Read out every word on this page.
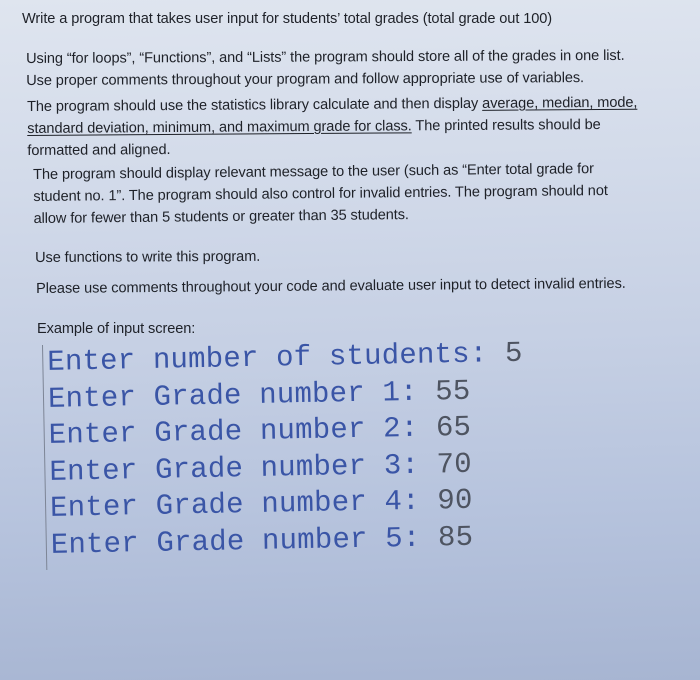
Write a program that takes user input for students’ total grades (total grade out 100)
Using “for loops”, “Functions”, and “Lists” the program should store all of the grades in one list.
Use proper comments throughout your program and follow appropriate use of variables.
The program should use the statistics library calculate and then display average, median, mode,
standard deviation, minimum, and maximum grade for class. The printed results should be
formatted and aligned.
The program should display relevant message to the user (such as “Enter total grade for
student no. 1”. The program should also control for invalid entries. The program should not
allow for fewer than 5 students or greater than 35 students.
Use functions to write this program.
Please use comments throughout your code and evaluate user input to detect invalid entries.
Example of input screen:
Enter number of students: 5
Enter Grade number 1: 55
Enter Grade number 2: 65
Enter Grade number 3: 70
Enter Grade number 4: 90
Enter Grade number 5: 85
